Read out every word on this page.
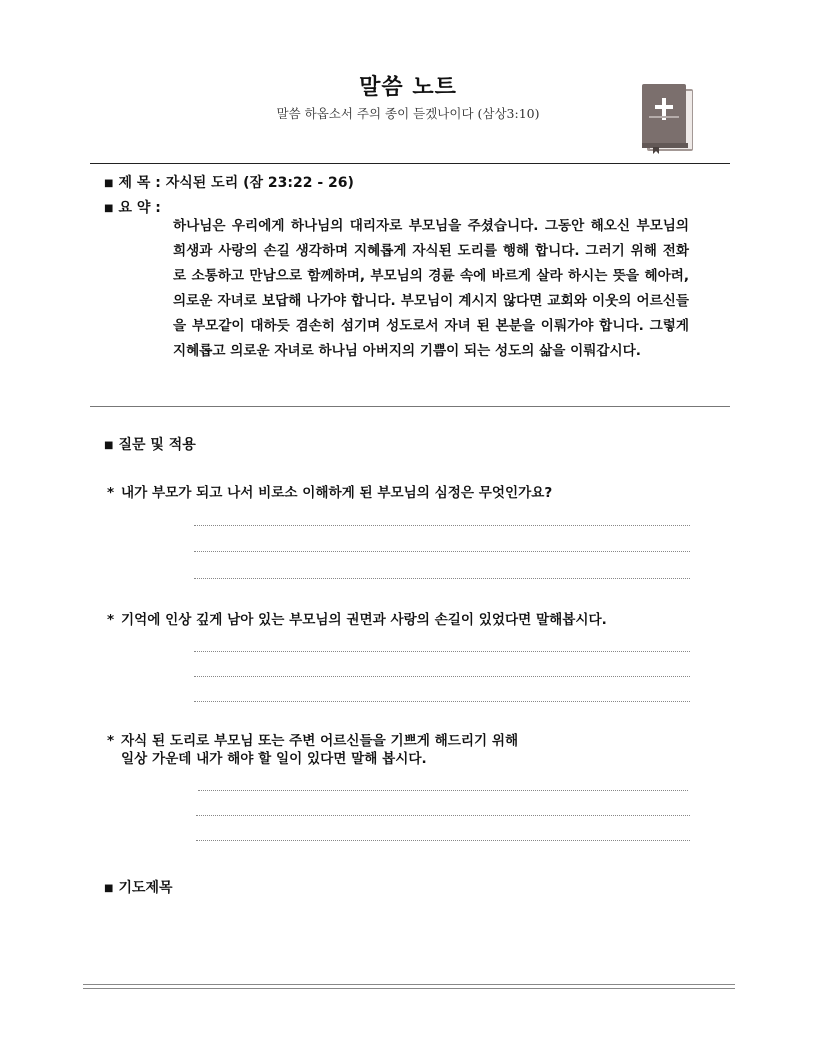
말씀 노트
말씀 하옵소서 주의 종이 듣겠나이다 (삼상3:10)
■ 제 목 : 자식된 도리 (잠 23:22 - 26)
■ 요 약 :
하나님은 우리에게 하나님의 대리자로 부모님을 주셨습니다. 그동안 해오신 부모님의 희생과 사랑의 손길 생각하며 지혜롭게 자식된 도리를 행해 합니다. 그러기 위해 전화로 소통하고 만남으로 함께하며, 부모님의 경륜 속에 바르게 살라 하시는 뜻을 헤아려, 의로운 자녀로 보답해 나가야 합니다. 부모님이 계시지 않다면 교회와 이웃의 어르신들을 부모같이 대하듯 겸손히 섬기며 성도로서 자녀 된 본분을 이뤄가야 합니다. 그렇게 지혜롭고 의로운 자녀로 하나님 아버지의 기쁨이 되는 성도의 삶을 이뤄갑시다.
■ 질문 및 적용
* 내가 부모가 되고 나서 비로소 이해하게 된 부모님의 심정은 무엇인가요?
* 기억에 인상 깊게 남아 있는 부모님의 권면과 사랑의 손길이 있었다면 말해봅시다.
* 자식 된 도리로 부모님 또는 주변 어르신들을 기쁘게 해드리기 위해
일상 가운데 내가 해야 할 일이 있다면 말해 봅시다.
■ 기도제목
